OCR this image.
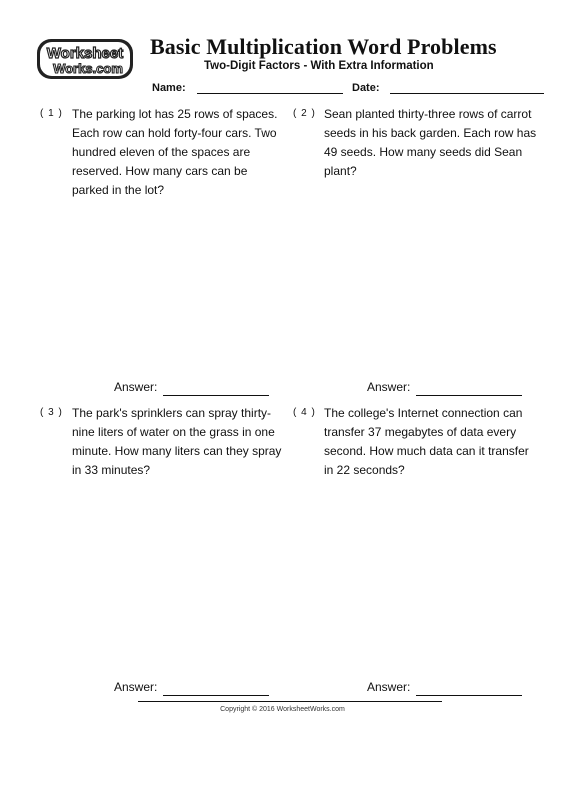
Worksheet
Works.com
Basic Multiplication Word Problems
Two-Digit Factors - With Extra Information
Name:	Date:
( 1 ) The parking lot has 25 rows of spaces. Each row can hold forty-four cars. Two hundred eleven of the spaces are reserved. How many cars can be parked in the lot?
Answer:
( 2 ) Sean planted thirty-three rows of carrot seeds in his back garden. Each row has 49 seeds. How many seeds did Sean plant?
Answer:
( 3 ) The park's sprinklers can spray thirty-nine liters of water on the grass in one minute. How many liters can they spray in 33 minutes?
Answer:
( 4 ) The college's Internet connection can transfer 37 megabytes of data every second. How much data can it transfer in 22 seconds?
Answer:
Copyright © 2016 WorksheetWorks.com
